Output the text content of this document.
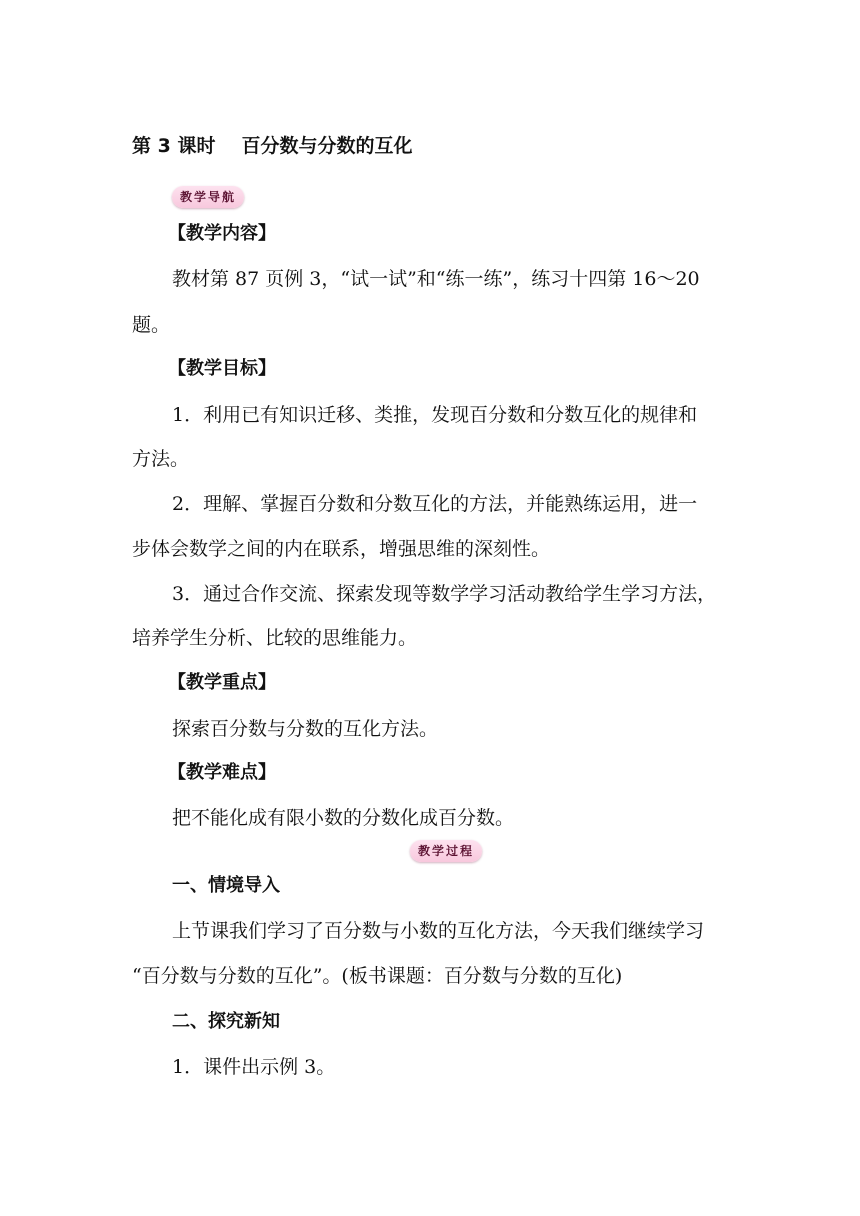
第 3 课时 百分数与分数的互化
教学导航
【教学内容】
教材第 87 页例 3，“试一试”和“练一练”，练习十四第 16～20
题。
【教学目标】
1．利用已有知识迁移、类推，发现百分数和分数互化的规律和
方法。
2．理解、掌握百分数和分数互化的方法，并能熟练运用，进一
步体会数学之间的内在联系，增强思维的深刻性。
3．通过合作交流、探索发现等数学学习活动教给学生学习方法，
培养学生分析、比较的思维能力。
【教学重点】
探索百分数与分数的互化方法。
【教学难点】
把不能化成有限小数的分数化成百分数。
教学过程
一、情境导入
上节课我们学习了百分数与小数的互化方法，今天我们继续学习
“百分数与分数的互化”。(板书课题：百分数与分数的互化)
二、探究新知
1．课件出示例 3。
